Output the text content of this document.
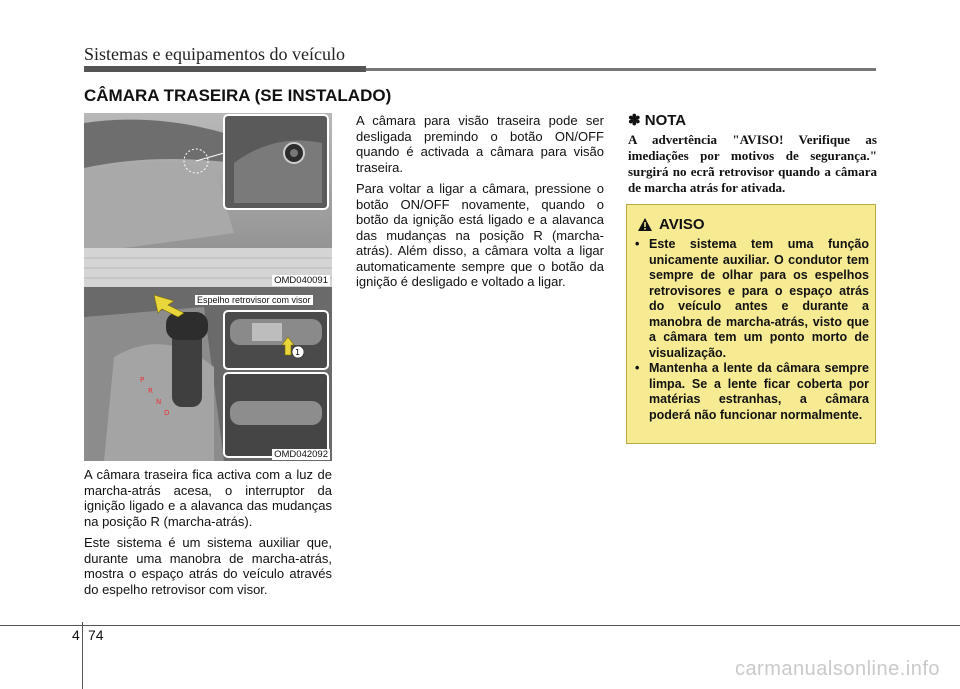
Sistemas e equipamentos do veículo
CÂMARA TRASEIRA (SE INSTALADO)
OMD040091
P
R
N
D
1
Espelho retrovisor com visor
OMD042092

A câmara traseira fica activa com a luz de marcha-atrás acesa, o interruptor da ignição ligado e a alavanca das mudanças na posição R (marcha-atrás).

Este sistema é um sistema auxiliar que, durante uma manobra de marcha-atrás, mostra o espaço atrás do veículo através do espelho retrovisor com visor.

A câmara para visão traseira pode ser desligada premindo o botão ON/OFF quando é activada a câmara para visão traseira.

Para voltar a ligar a câmara, pressione o botão ON/OFF novamente, quando o botão da ignição está ligado e a alavanca das mudanças na posição R (marcha-atrás). Além disso, a câmara volta a ligar automaticamente sempre que o botão da ignição é desligado e voltado a ligar.

✽ NOTA
A advertência "AVISO! Verifique as imediações por motivos de segurança." surgirá no ecrã retrovisor quando a câmara de marcha atrás for ativada.
AVISO
• Este sistema tem uma função unicamente auxiliar. O condutor tem sempre de olhar para os espelhos retrovisores e para o espaço atrás do veículo antes e durante a manobra de marcha-atrás, visto que a câmara tem um ponto morto de visualização.
• Mantenha a lente da câmara sempre limpa. Se a lente ficar coberta por matérias estranhas, a câmara poderá não funcionar normalmente.
4 74
carmanualsonline.info
